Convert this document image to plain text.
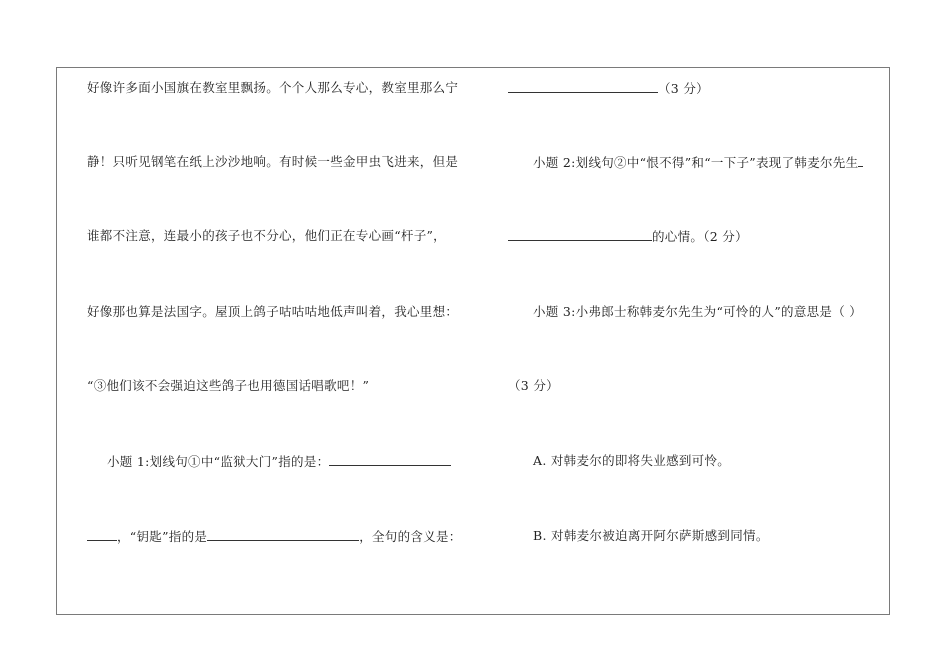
好像许多面小国旗在教室里飘扬。个个人那么专心，教室里那么宁
静！只听见钢笔在纸上沙沙地响。有时候一些金甲虫飞进来，但是
谁都不注意，连最小的孩子也不分心，他们正在专心画“杆子”，
好像那也算是法国字。屋顶上鸽子咕咕咕地低声叫着，我心里想：
“③他们该不会强迫这些鸽子也用德国话唱歌吧！”
小题 1:划线句①中“监狱大门”指的是：
，“钥匙”指的是	，全句的含义是：
（3 分）
小题 2:划线句②中“恨不得”和“一下子”表现了韩麦尔先生
的心情。（2 分）
小题 3:小弗郎士称韩麦尔先生为“可怜的人”的意思是（ ）
（3 分）
A. 对韩麦尔的即将失业感到可怜。
B. 对韩麦尔被迫离开阿尔萨斯感到同情。
